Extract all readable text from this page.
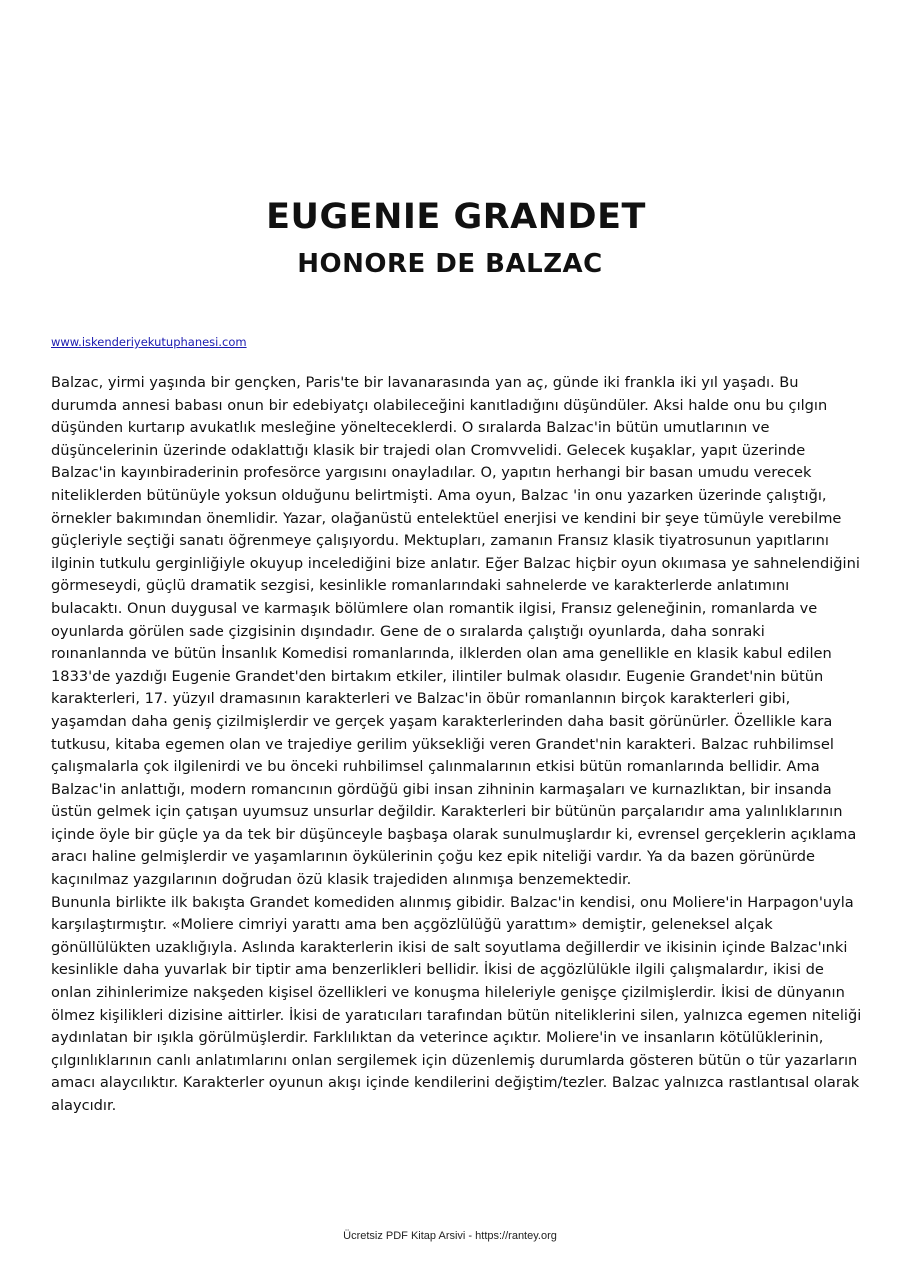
EUGENIE GRANDET
HONORE DE BALZAC
www.iskenderiyekutuphanesi.com

Balzac, yirmi yaşında bir gençken, Paris'te bir lavanarasında yan aç, günde iki frankla iki yıl yaşadı. Bu durumda annesi babası onun bir edebiyatçı olabileceğini kanıtladığını düşündüler. Aksi halde onu bu çılgın düşünden kurtarıp avukatlık mesleğine yönelteceklerdi. O sıralarda Balzac'in bütün umutlarının ve düşüncelerinin üzerinde odaklattığı klasik bir trajedi olan Cromvvelidi. Gelecek kuşaklar, yapıt üzerinde Balzac'in kayınbiraderinin profesörce yargısını onayladılar. O, yapıtın herhangi bir basan umudu verecek niteliklerden bütünüyle yoksun olduğunu belirtmişti. Ama oyun, Balzac 'in onu yazarken üzerinde çalıştığı, örnekler bakımından önemlidir. Yazar, olağanüstü entelektüel enerjisi ve kendini bir şeye tümüyle verebilme güçleriyle seçtiği sanatı öğrenmeye çalışıyordu. Mektupları, zamanın Fransız klasik tiyatrosunun yapıtlarını ilginin tutkulu gerginliğiyle okuyup incelediğini bize anlatır. Eğer Balzac hiçbir oyun okıımasa ye sahnelendiğini görmeseydi, güçlü dramatik sezgisi, kesinlikle romanlarındaki sahnelerde ve karakterlerde anlatımını bulacaktı. Onun duygusal ve karmaşık bölümlere olan romantik ilgisi, Fransız geleneğinin, romanlarda ve oyunlarda görülen sade çizgisinin dışındadır. Gene de o sıralarda çalıştığı oyunlarda, daha sonraki roınanlannda ve bütün İnsanlık Komedisi romanlarında, ilklerden olan ama genellikle en klasik kabul edilen 1833'de yazdığı Eugenie Grandet'den birtakım etkiler, ilintiler bulmak olasıdır. Eugenie Grandet'nin bütün karakterleri, 17. yüzyıl dramasının karakterleri ve Balzac'in öbür romanlannın birçok karakterleri gibi, yaşamdan daha geniş çizilmişlerdir ve gerçek yaşam karakterlerinden daha basit görünürler. Özellikle kara tutkusu, kitaba egemen olan ve trajediye gerilim yüksekliği veren Grandet'nin karakteri. Balzac ruhbilimsel çalışmalarla çok ilgilenirdi ve bu önceki ruhbilimsel çalınmalarının etkisi bütün romanlarında bellidir. Ama Balzac'in anlattığı, modern romancının gördüğü gibi insan zihninin karmaşaları ve kurnazlıktan, bir insanda üstün gelmek için çatışan uyumsuz unsurlar değildir. Karakterleri bir bütünün parçalarıdır ama yalınlıklarının içinde öyle bir güçle ya da tek bir düşünceyle başbaşa olarak sunulmuşlardır ki, evrensel gerçeklerin açıklama aracı haline gelmişlerdir ve yaşamlarının öykülerinin çoğu kez epik niteliği vardır. Ya da bazen görünürde kaçınılmaz yazgılarının doğrudan özü klasik trajediden alınmışa benzemektedir.

Bununla birlikte ilk bakışta Grandet komediden alınmış gibidir. Balzac'in kendisi, onu Moliere'in Harpagon'uyla karşılaştırmıştır. «Moliere cimriyi yarattı ama ben açgözlülüğü yarattım» demiştir, geleneksel alçak gönüllülükten uzaklığıyla. Aslında karakterlerin ikisi de salt soyutlama değillerdir ve ikisinin içinde Balzac'ınki kesinlikle daha yuvarlak bir tiptir ama benzerlikleri bellidir. İkisi de açgözlülükle ilgili çalışmalardır, ikisi de onlan zihinlerimize nakşeden kişisel özellikleri ve konuşma hileleriyle genişçe çizilmişlerdir. İkisi de dünyanın ölmez kişilikleri dizisine aittirler. İkisi de yaratıcıları tarafından bütün niteliklerini silen, yalnızca egemen niteliği aydınlatan bir ışıkla görülmüşlerdir. Farklılıktan da veterince açıktır. Moliere'in ve insanların kötülüklerinin, çılgınlıklarının canlı anlatımlarını onlan sergilemek için düzenlemiş durumlarda gösteren bütün o tür yazarların amacı alaycılıktır. Karakterler oyunun akışı içinde kendilerini değiştim/tezler. Balzac yalnızca rastlantısal olarak alaycıdır.

Ücretsiz PDF Kitap Arsivi - https://rantey.org
